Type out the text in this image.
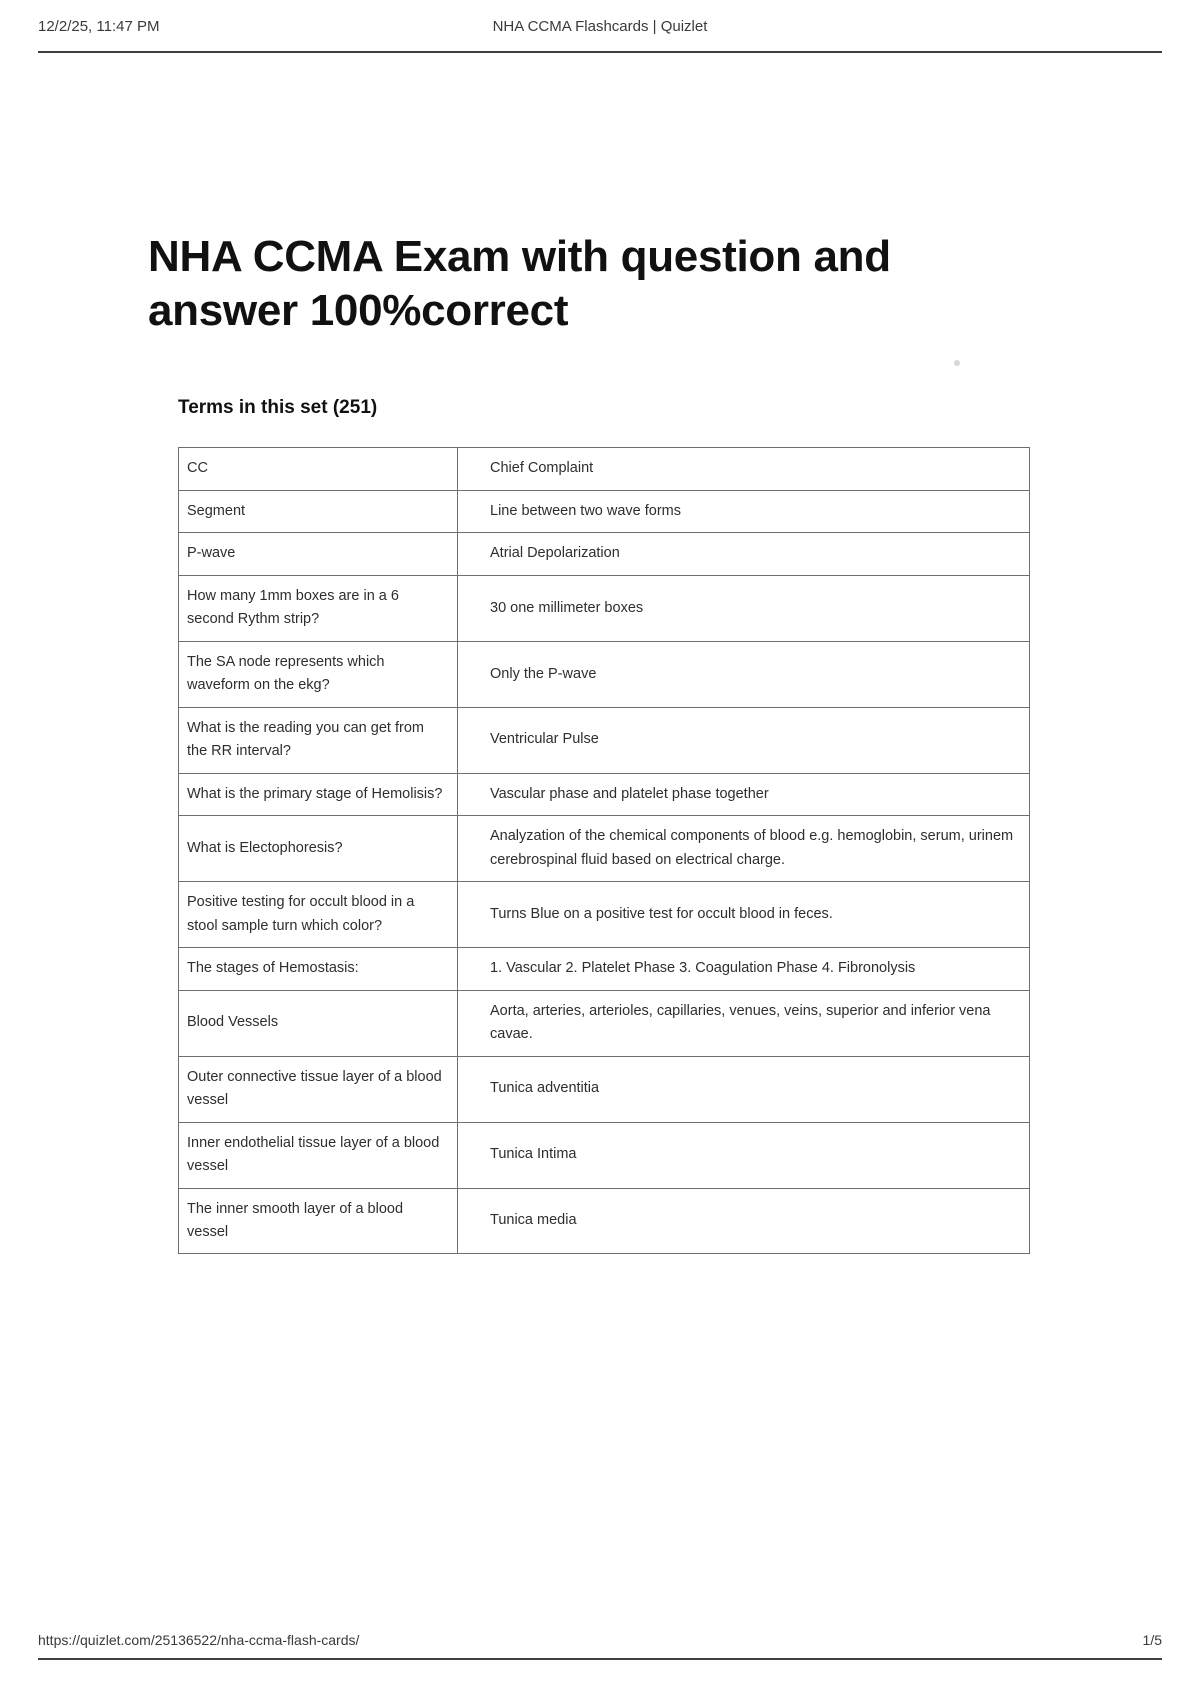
12/2/25, 11:47 PM	NHA CCMA Flashcards | Quizlet
NHA CCMA Exam with question and answer 100%correct
Terms in this set (251)
CC	Chief Complaint
Segment	Line between two wave forms
P-wave	Atrial Depolarization
How many 1mm boxes are in a 6 second Rythm strip?	30 one millimeter boxes
The SA node represents which waveform on the ekg?	Only the P-wave
What is the reading you can get from the RR interval?	Ventricular Pulse
What is the primary stage of Hemolisis?	Vascular phase and platelet phase together
What is Electophoresis?	Analyzation of the chemical components of blood e.g. hemoglobin, serum, urinem cerebrospinal fluid based on electrical charge.
Positive testing for occult blood in a stool sample turn which color?	Turns Blue on a positive test for occult blood in feces.
The stages of Hemostasis:	1. Vascular 2. Platelet Phase 3. Coagulation Phase 4. Fibronolysis
Blood Vessels	Aorta, arteries, arterioles, capillaries, venues, veins, superior and inferior vena cavae.
Outer connective tissue layer of a blood vessel	Tunica adventitia
Inner endothelial tissue layer of a blood vessel	Tunica Intima
The inner smooth layer of a blood vessel	Tunica media
https://quizlet.com/25136522/nha-ccma-flash-cards/	1/5
